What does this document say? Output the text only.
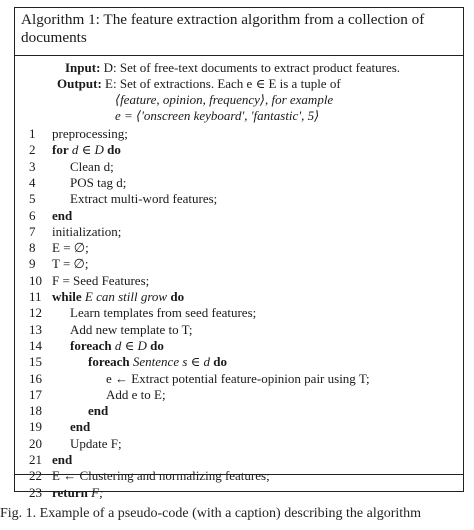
Algorithm 1: The feature extraction algorithm from a collection of documents
Input: D: Set of free-text documents to extract product features.
Output: E: Set of extractions. Each e ∈ E is a tuple of
⟨feature, opinion, frequency⟩, for example
e = ⟨'onscreen keyboard', 'fantastic', 5⟩
1 preprocessing;
2 for d ∈ D do
3	Clean d;
4	POS tag d;
5	Extract multi-word features;
6 end
7 initialization;
8 E = ∅;
9 T = ∅;
10 F = Seed Features;
11 while E can still grow do
12 Learn templates from seed features;
13 Add new template to T;
14 foreach d ∈ D do
15	foreach Sentence s ∈ d do
16	e ← Extract potential feature-opinion pair using T;
17	Add e to E;
18	end
19 end
20 Update F;
21 end
22 E ← Clustering and normalizing features;
23 return F;
Fig. 1. Example of a pseudo-code (with a caption) describing the algorithm
